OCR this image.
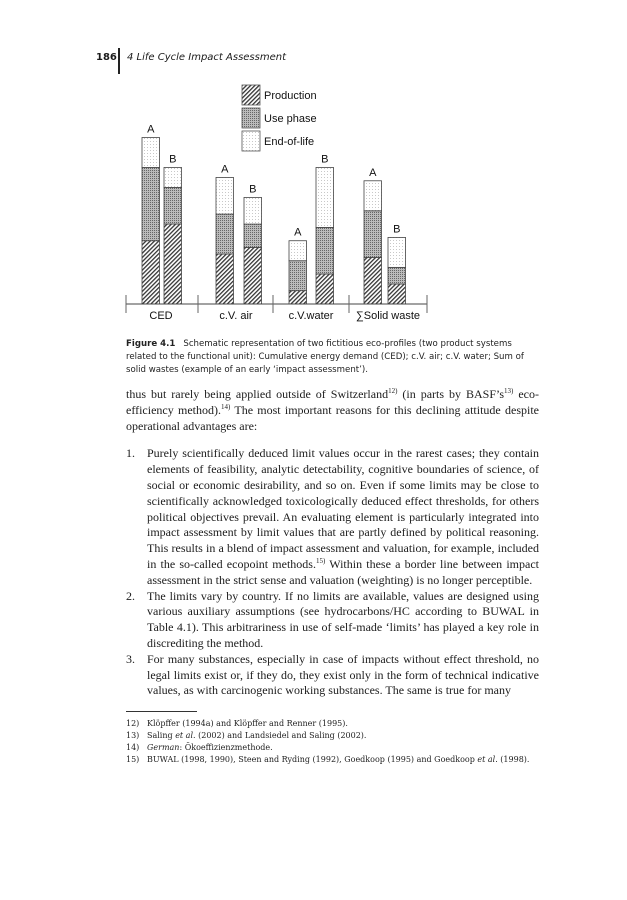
186 4 Life Cycle Impact Assessment
Production
Use phase
End-of-life
A
A
A
A
B
B
B
B
CED	c.V. air	c.V.water ∑Solid waste
Figure 4.1 Schematic representation of two fictitious eco-profiles (two product systems related to the functional unit): Cumulative energy demand (CED); c.V. air; c.V. water; Sum of solid wastes (example of an early ‘impact assessment’).
thus but rarely being applied outside of Switzerland$^{12)}$ (in parts by $BASF’s^{13)}$ eco-efficiency method).$^{14)}$ The most important reasons for this declining attitude despite operational advantages are:
1. Purely scientifically deduced limit values occur in the rarest cases; they contain elements of feasibility, analytic detectability, cognitive boundaries of science, of social or economic desirability, and so on. Even if some limits may be close to scientifically acknowledged toxicologically deduced effect thresholds, for others political objectives prevail. An evaluating element is particularly integrated into impact assessment by limit values that are partly defined by political reasoning. This results in a blend of impact assessment and valuation, for example, included in the so-called ecopoint methods.$^{15)}$ Within these a border line between impact assessment in the strict sense and valuation (weighting) is no longer perceptible.
2. The limits vary by country. If no limits are available, values are designed using various auxiliary assumptions (see hydrocarbons/HC according to BUWAL in Table 4.1). This arbitrariness in use of self-made ‘limits’ has played a key role in discrediting the method.
3. For many substances, especially in case of impacts without effect threshold, no legal limits exist or, if they do, they exist only in the form of technical indicative values, as with carcinogenic working substances. The same is true for many
12) Klöpffer (1994a) and Klöpffer and Renner (1995).
13) Saling et al. (2002) and Landsiedel and Saling (2002).
14) German: Ökoeffizienzmethode.
15) BUWAL (1998, 1990), Steen and Ryding (1992), Goedkoop (1995) and Goedkoop et al. (1998).
